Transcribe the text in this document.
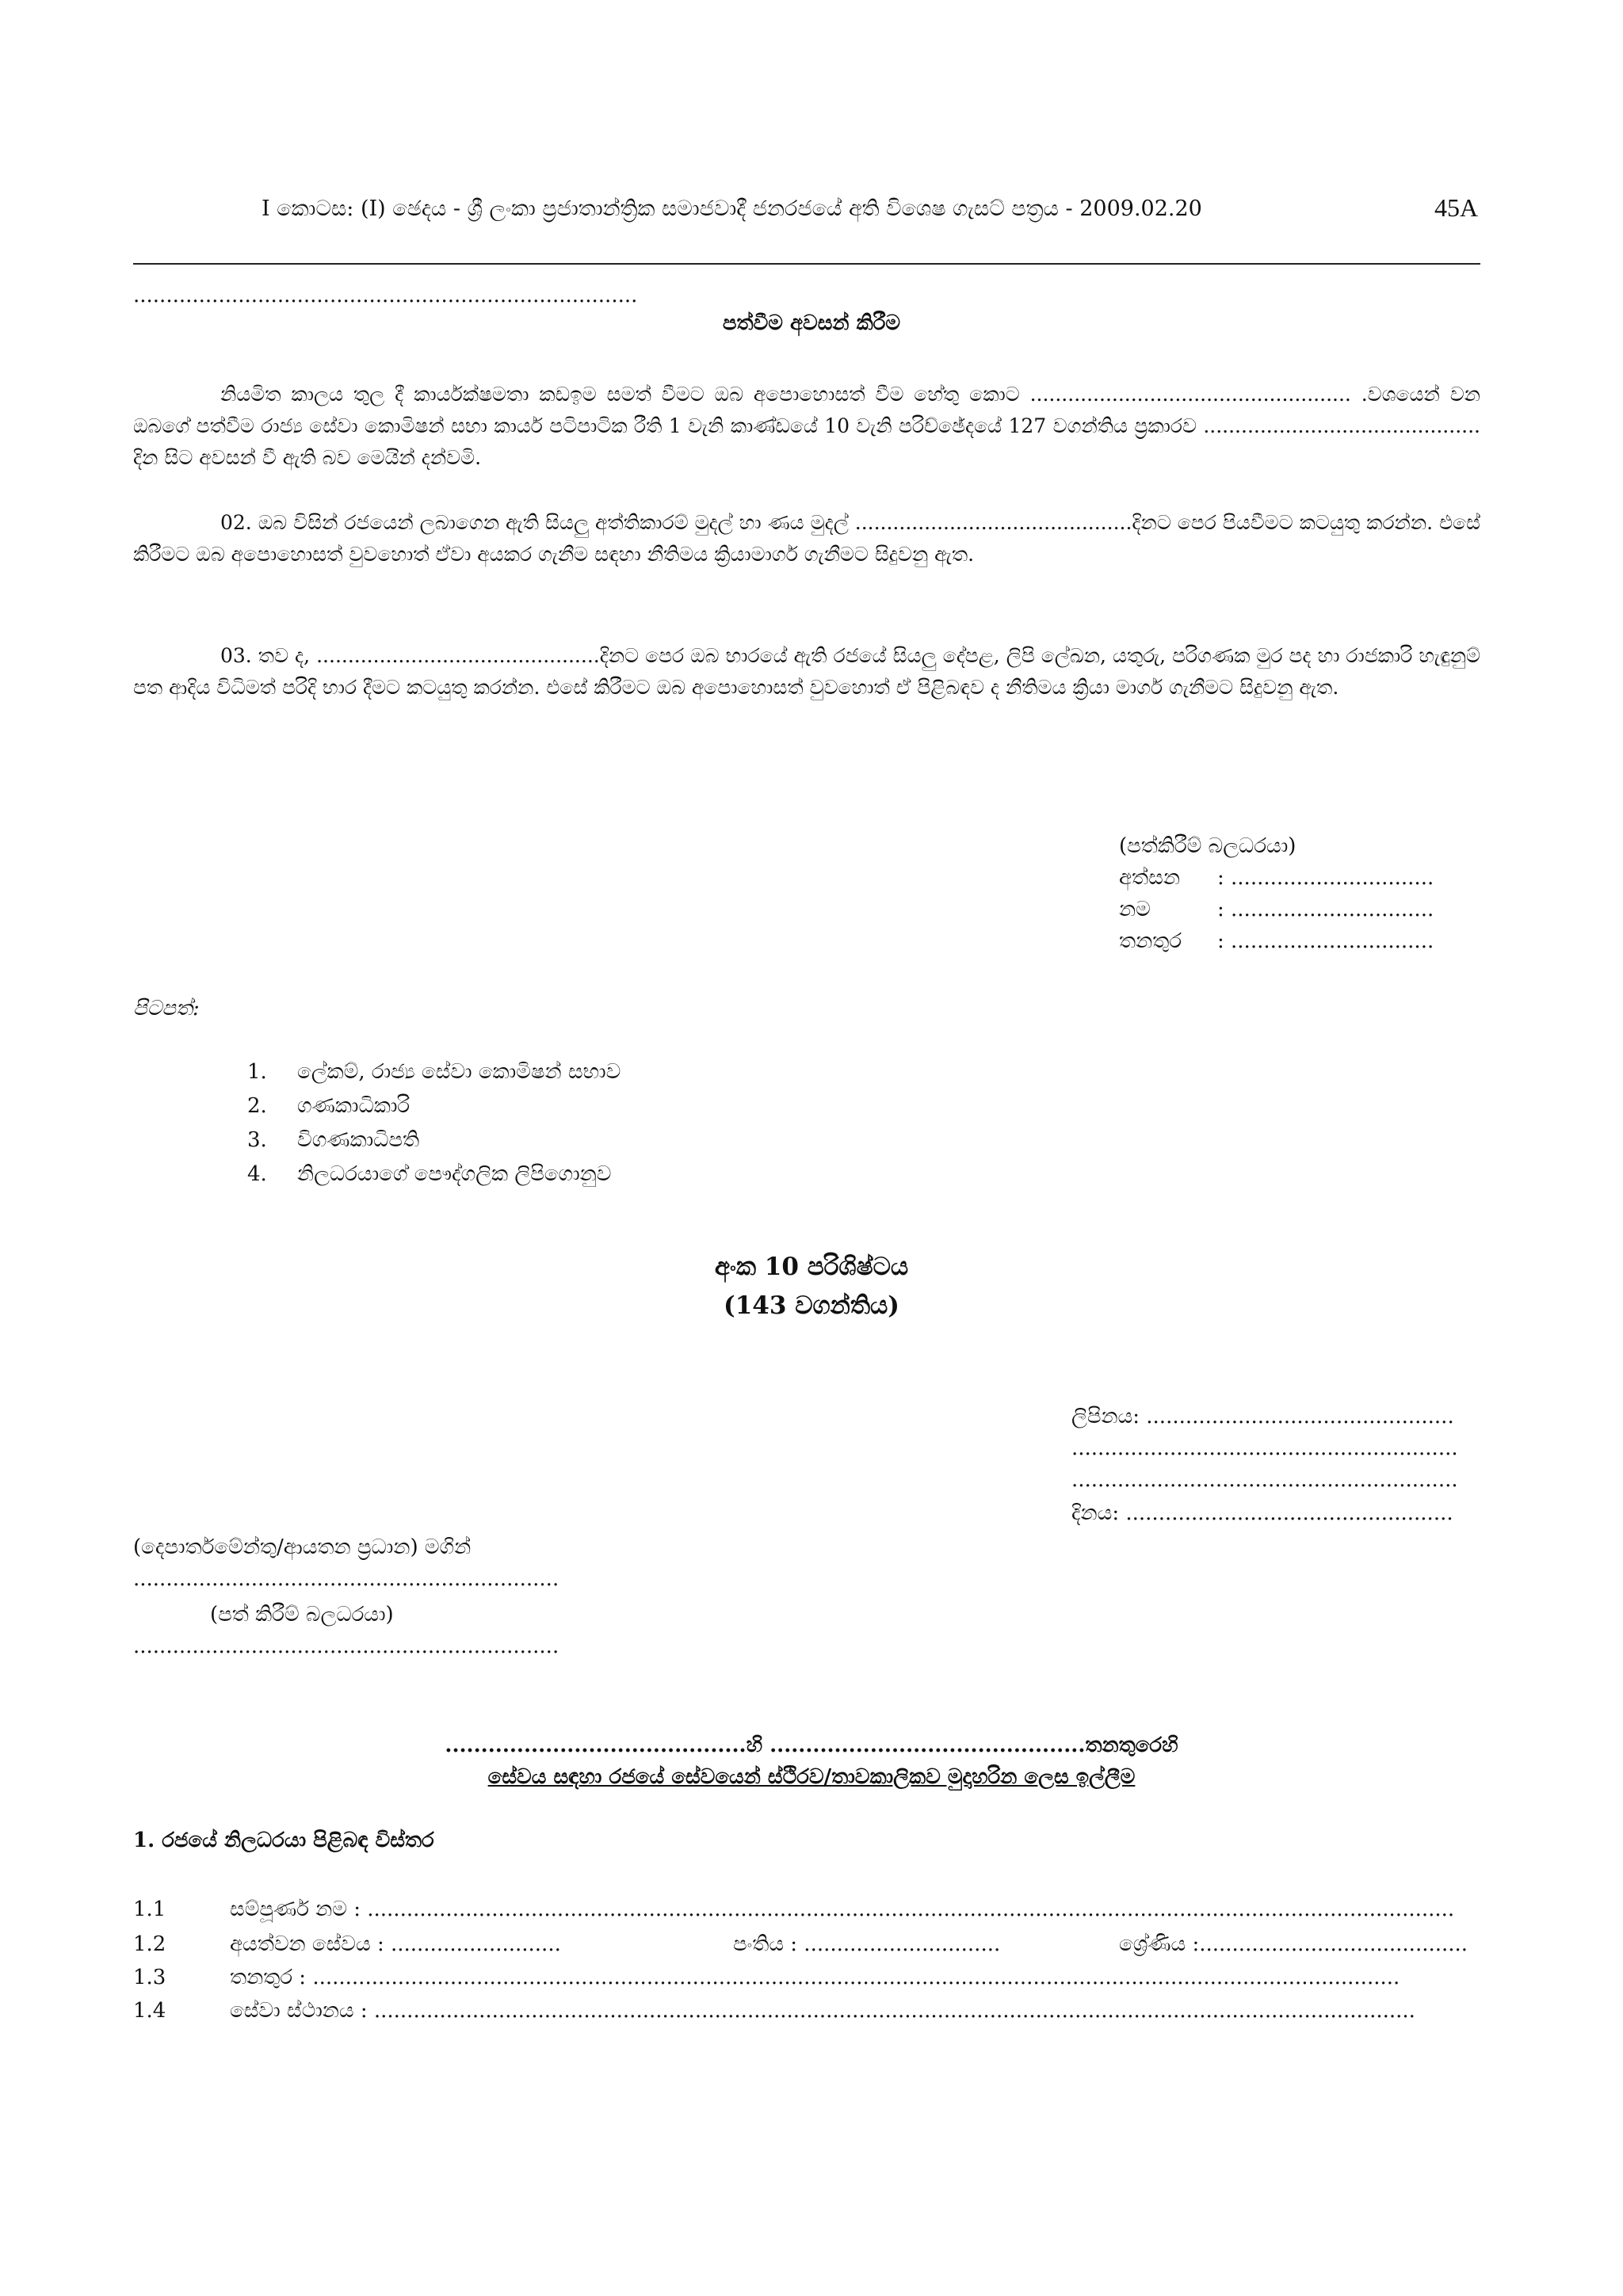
I කොටස: (I) ඡෙදය - ශ්‍රී ලංකා ප්‍රජාතාන්ත්‍රික සමාජවාදී ජනරජයේ අති විශෙෂ ගැසට් පත්‍රය - 2009.02.20	45A
.............................................................................
පත්වීම අවසන් කිරීම
නියමිත කාලය තුල දී කාර්යක්ෂමතා කඩඉම සමත් වීමට ඔබ අපොහොසත් වීම හේතු කොට ................................................... .වශයෙන් වන ඔබගේ පත්වීම රාජ්‍ය සේවා කොමිෂන් සභා කාර්ය පටිපාටික රීති 1 වැනි කාණ්ඩයේ 10 වැනි පරිච්ඡේදයේ 127 වගන්තිය ප්‍රකාරව ............................................ දින සිට අවසන් වී ඇති බව මෙයින් දන්වමි.
02. ඔබ විසින් රජයෙන් ලබාගෙන ඇති සියලු අත්තිකාරම් මුදල් හා ණය මුදල් ............................................දිනට පෙර පියවීමට කටයුතු කරන්න. එසේ කිරීමට ඔබ අපොහොසත් වුවහොත් ඒවා අයකර ගැනීම සඳහා නීතිමය ක්‍රියාමාර්ග ගැනීමට සිදුවනු ඇත.
03. තව ද, .............................................දිනට පෙර ඔබ භාරයේ ඇති රජයේ සියලු දේපළ, ලිපි ලේඛන, යතුරු, පරිගණක මුර පද හා රාජකාරි හැඳුනුම් පත ආදිය විධිමත් පරිදි භාර දීමට කටයුතු කරන්න. එසේ කිරීමට ඔබ අපොහොසත් වුවහොත් ඒ පිළිබඳව ද නීතිමය ක්‍රියා මාර්ග ගැනීමට සිදුවනු ඇත.
(පත්කිරීම් බලධරයා)
අත්සන : ...............................
නම	: ...............................
තනතුර : ...............................
පිටපත්:
1. ලේකම්, රාජ්‍ය සේවා කොමිෂන් සභාව
2. ගණකාධිකාරි
3. විගණකාධිපති
4. නිලධරයාගේ පෞද්ගලික ලිපිගොනුව
අංක 10 පරිශිෂ්ටය
(143 වගන්තිය)
ලිපිනය: ...............................................
...........................................................
...........................................................
දිනය: ..................................................
(දෙපාර්තමේන්තු/ආයතන ප්‍රධාන) මගින්
.................................................................
(පත් කිරීම් බලධරයා)
.................................................................
..........................................හි ............................................තනතුරෙහි
සේවය සඳහා රජයේ සේවයෙන් ස්ථිරව/තාවකාලිකව මුදාහරින ලෙස ඉල්ලීම
1. රජයේ නිලධරයා පිළිබඳ විස්තර
1.1	සම්පූර්ණ නම : ......................................................................................................................................................................
1.2	අයත්වන සේවය : ..........................	පංතිය : ..............................	ශ්‍රේණිය :.........................................
1.3	තනතුර : ......................................................................................................................................................................
1.4	සේවා ස්ථානය : ...............................................................................................................................................................
